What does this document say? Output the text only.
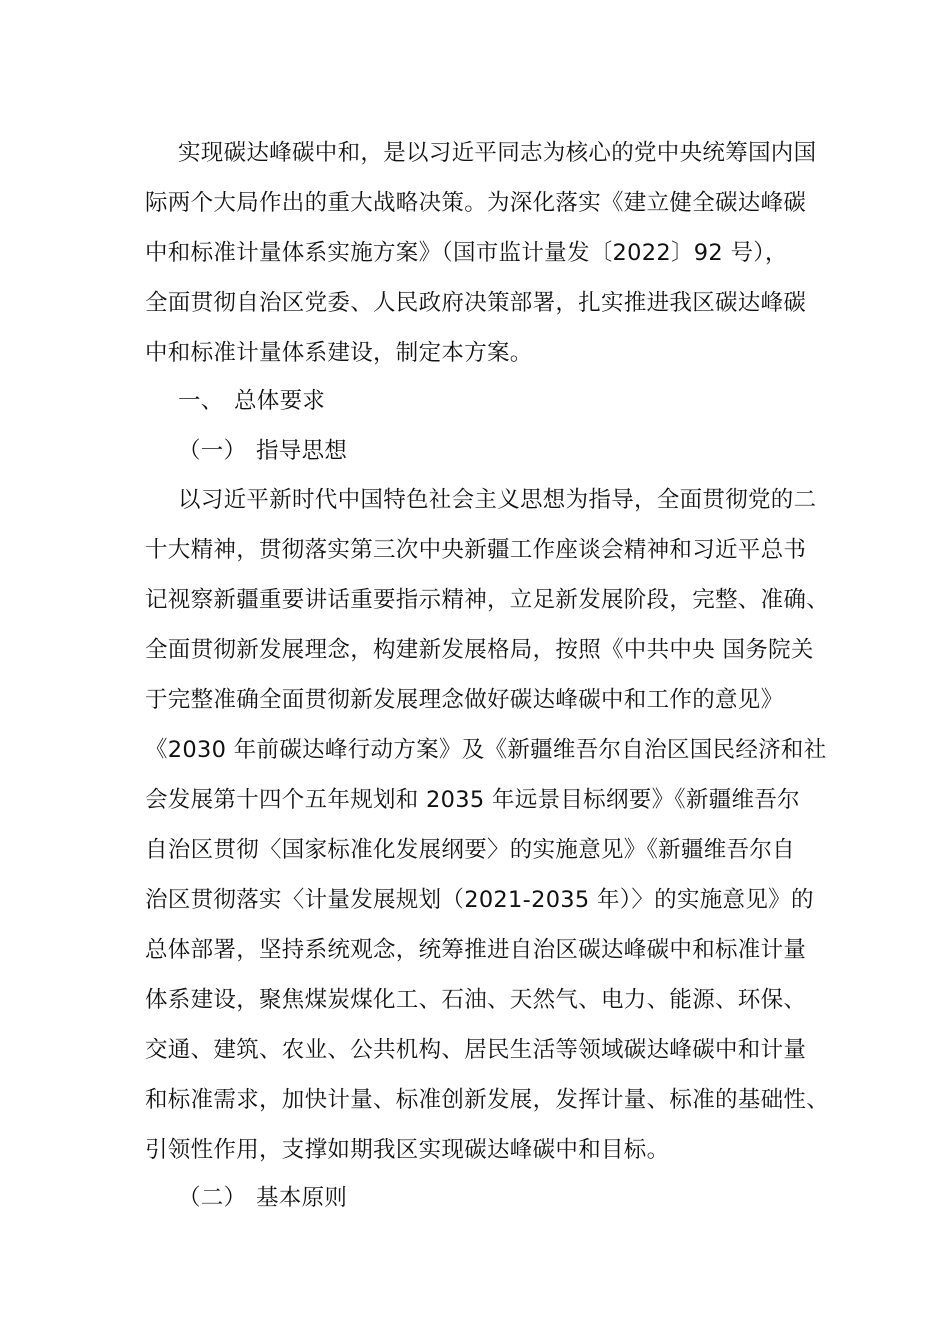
实现碳达峰碳中和，是以习近平同志为核心的党中央统筹国内国
际两个大局作出的重大战略决策。为深化落实《建立健全碳达峰碳
中和标准计量体系实施方案》（国市监计量发〔2022〕92 号），
全面贯彻自治区党委、人民政府决策部署，扎实推进我区碳达峰碳
中和标准计量体系建设，制定本方案。
一、 总体要求
（一） 指导思想
以习近平新时代中国特色社会主义思想为指导，全面贯彻党的二
十大精神，贯彻落实第三次中央新疆工作座谈会精神和习近平总书
记视察新疆重要讲话重要指示精神，立足新发展阶段，完整、准确、
全面贯彻新发展理念，构建新发展格局，按照《中共中央 国务院关
于完整准确全面贯彻新发展理念做好碳达峰碳中和工作的意见》
《2030 年前碳达峰行动方案》及《新疆维吾尔自治区国民经济和社
会发展第十四个五年规划和 2035 年远景目标纲要》《新疆维吾尔
自治区贯彻〈国家标准化发展纲要〉的实施意见》《新疆维吾尔自
治区贯彻落实〈计量发展规划（2021-2035 年）〉的实施意见》的
总体部署，坚持系统观念，统筹推进自治区碳达峰碳中和标准计量
体系建设，聚焦煤炭煤化工、石油、天然气、电力、能源、环保、
交通、建筑、农业、公共机构、居民生活等领域碳达峰碳中和计量
和标准需求，加快计量、标准创新发展，发挥计量、标准的基础性、
引领性作用，支撑如期我区实现碳达峰碳中和目标。
（二） 基本原则
